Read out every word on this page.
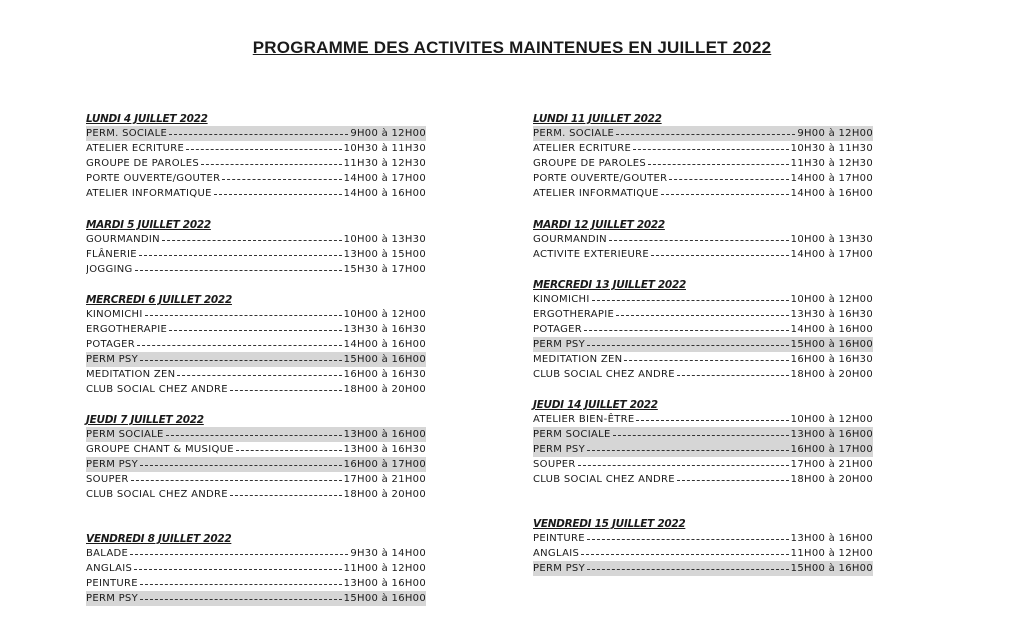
PROGRAMME DES ACTIVITES MAINTENUES EN JUILLET 2022
LUNDI 4 JUILLET 2022
PERM. SOCIALE	9H00 à 12H00
ATELIER ECRITURE	10H30 à 11H30
GROUPE DE PAROLES	11H30 à 12H30
PORTE OUVERTE/GOUTER	14H00 à 17H00
ATELIER INFORMATIQUE	14H00 à 16H00
MARDI 5 JUILLET 2022
GOURMANDIN	10H00 à 13H30
FLÂNERIE	13H00 à 15H00
JOGGING	15H30 à 17H00
MERCREDI 6 JUILLET 2022
KINOMICHI	10H00 à 12H00
ERGOTHERAPIE	13H30 à 16H30
POTAGER	14H00 à 16H00
PERM PSY	15H00 à 16H00
MEDITATION ZEN	16H00 à 16H30
CLUB SOCIAL CHEZ ANDRE	18H00 à 20H00
JEUDI 7 JUILLET 2022
PERM SOCIALE	13H00 à 16H00
GROUPE CHANT & MUSIQUE	13H00 à 16H30
PERM PSY	16H00 à 17H00
SOUPER	17H00 à 21H00
CLUB SOCIAL CHEZ ANDRE	18H00 à 20H00
VENDREDI 8 JUILLET 2022
BALADE	9H30 à 14H00
ANGLAIS	11H00 à 12H00
PEINTURE	13H00 à 16H00
PERM PSY	15H00 à 16H00
LUNDI 11 JUILLET 2022
PERM. SOCIALE	9H00 à 12H00
ATELIER ECRITURE	10H30 à 11H30
GROUPE DE PAROLES	11H30 à 12H30
PORTE OUVERTE/GOUTER	14H00 à 17H00
ATELIER INFORMATIQUE	14H00 à 16H00
MARDI 12 JUILLET 2022
GOURMANDIN	10H00 à 13H30
ACTIVITE EXTERIEURE	14H00 à 17H00
MERCREDI 13 JUILLET 2022
KINOMICHI	10H00 à 12H00
ERGOTHERAPIE	13H30 à 16H30
POTAGER	14H00 à 16H00
PERM PSY	15H00 à 16H00
MEDITATION ZEN	16H00 à 16H30
CLUB SOCIAL CHEZ ANDRE	18H00 à 20H00
JEUDI 14 JUILLET 2022
ATELIER BIEN-ÊTRE	10H00 à 12H00
PERM SOCIALE	13H00 à 16H00
PERM PSY	16H00 à 17H00
SOUPER	17H00 à 21H00
CLUB SOCIAL CHEZ ANDRE	18H00 à 20H00
VENDREDI 15 JUILLET 2022
PEINTURE	13H00 à 16H00
ANGLAIS	11H00 à 12H00
PERM PSY	15H00 à 16H00
